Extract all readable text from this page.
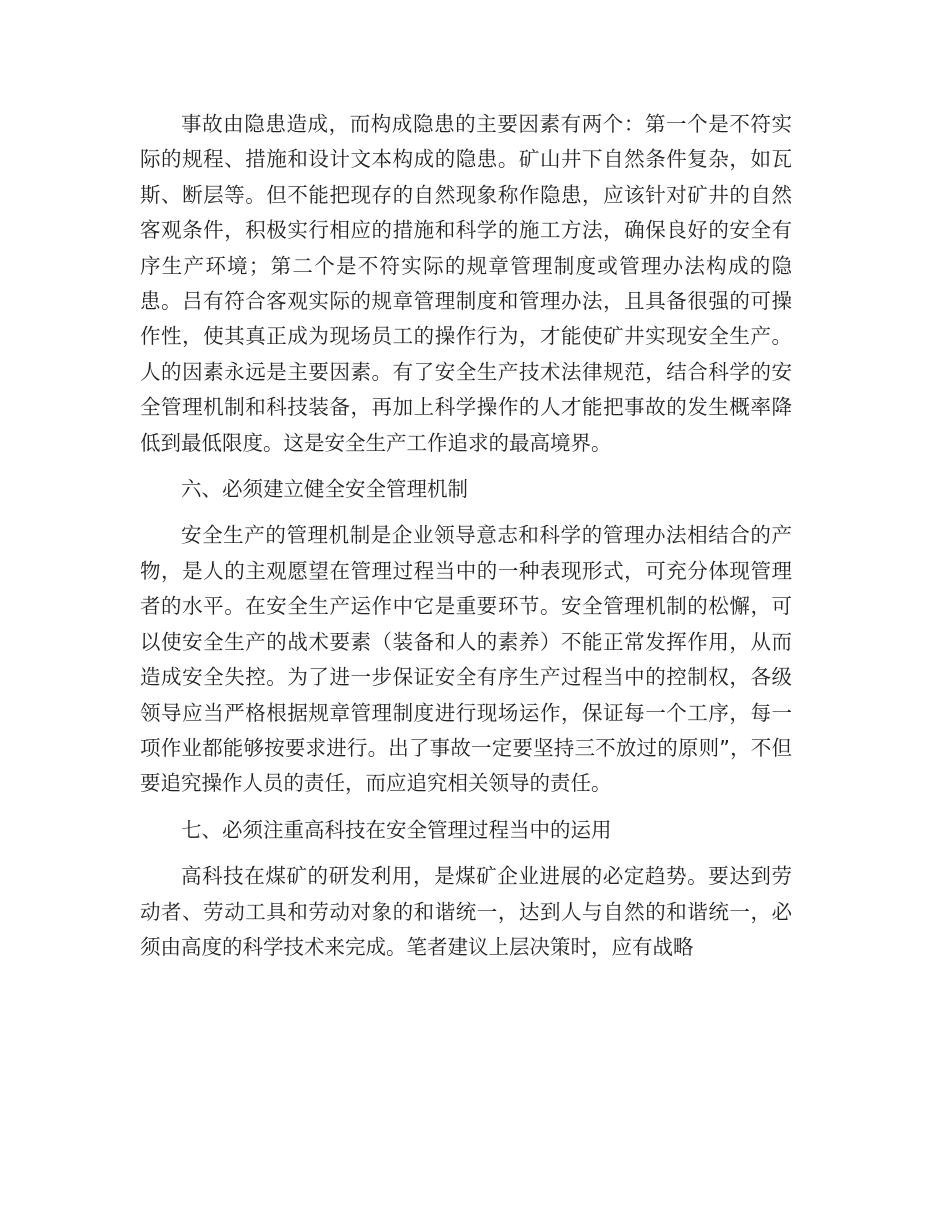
事故由隐患造成，而构成隐患的主要因素有两个：第一个是不符实际的规程、措施和设计文本构成的隐患。矿山井下自然条件复杂，如瓦斯、断层等。但不能把现存的自然现象称作隐患，应该针对矿井的自然客观条件，积极实行相应的措施和科学的施工方法，确保良好的安全有序生产环境；第二个是不符实际的规章管理制度或管理办法构成的隐患。吕有符合客观实际的规章管理制度和管理办法，且具备很强的可操作性，使其真正成为现场员工的操作行为，才能使矿井实现安全生产。人的因素永远是主要因素。有了安全生产技术法律规范，结合科学的安全管理机制和科技装备，再加上科学操作的人才能把事故的发生概率降低到最低限度。这是安全生产工作追求的最高境界。

六、必须建立健全安全管理机制

安全生产的管理机制是企业领导意志和科学的管理办法相结合的产物，是人的主观愿望在管理过程当中的一种表现形式，可充分体现管理者的水平。在安全生产运作中它是重要环节。安全管理机制的松懈，可以使安全生产的战术要素（装备和人的素养）不能正常发挥作用，从而造成安全失控。为了进一步保证安全有序生产过程当中的控制权，各级领导应当严格根据规章管理制度进行现场运作，保证每一个工序，每一项作业都能够按要求进行。出了事故一定要坚持三不放过的原则”，不但要追究操作人员的责任，而应追究相关领导的责任。

七、必须注重高科技在安全管理过程当中的运用

高科技在煤矿的研发利用，是煤矿企业进展的必定趋势。要达到劳动者、劳动工具和劳动对象的和谐统一，达到人与自然的和谐统一，必须由高度的科学技术来完成。笔者建议上层决策时，应有战略
